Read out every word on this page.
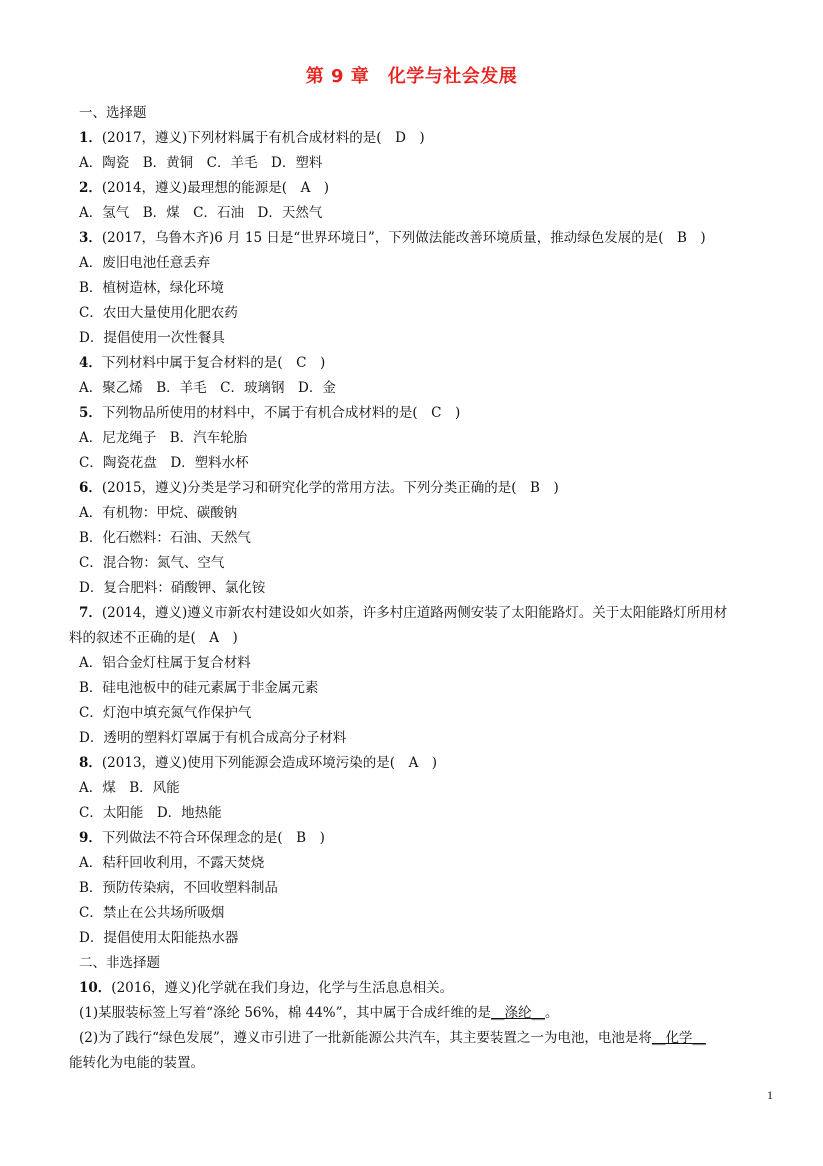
第 9 章　化学与社会发展
一、选择题
1．(2017，遵义)下列材料属于有机合成材料的是(　D　)
A．陶瓷　B．黄铜　C．羊毛　D．塑料
2．(2014，遵义)最理想的能源是(　A　)
A．氢气　B．煤　C．石油　D．天然气
3．(2017，乌鲁木齐)6 月 15 日是“世界环境日”，下列做法能改善环境质量，推动绿色发展的是(　B　)
A．废旧电池任意丢弃
B．植树造林，绿化环境
C．农田大量使用化肥农药
D．提倡使用一次性餐具
4．下列材料中属于复合材料的是(　C　)
A．聚乙烯　B．羊毛　C．玻璃钢　D．金
5．下列物品所使用的材料中，不属于有机合成材料的是(　C　)
A．尼龙绳子　B．汽车轮胎
C．陶瓷花盘　D．塑料水杯
6．(2015，遵义)分类是学习和研究化学的常用方法。下列分类正确的是(　B　)
A．有机物：甲烷、碳酸钠
B．化石燃料：石油、天然气
C．混合物：氮气、空气
D．复合肥料：硝酸钾、氯化铵
7．(2014，遵义)遵义市新农村建设如火如荼，许多村庄道路两侧安装了太阳能路灯。关于太阳能路灯所用材
料的叙述不正确的是(　A　)
A．铝合金灯柱属于复合材料
B．硅电池板中的硅元素属于非金属元素
C．灯泡中填充氮气作保护气
D．透明的塑料灯罩属于有机合成高分子材料
8．(2013，遵义)使用下列能源会造成环境污染的是(　A　)
A．煤　B．风能
C．太阳能　D．地热能
9．下列做法不符合环保理念的是(　B　)
A．秸秆回收利用，不露天焚烧
B．预防传染病，不回收塑料制品
C．禁止在公共场所吸烟
D．提倡使用太阳能热水器
二、非选择题
10．(2016，遵义)化学就在我们身边，化学与生活息息相关。
(1)某服装标签上写着“涤纶 56%，棉 44%”，其中属于合成纤维的是__涤纶__。
(2)为了践行“绿色发展”，遵义市引进了一批新能源公共汽车，其主要装置之一为电池，电池是将__化学__
能转化为电能的装置。
1
